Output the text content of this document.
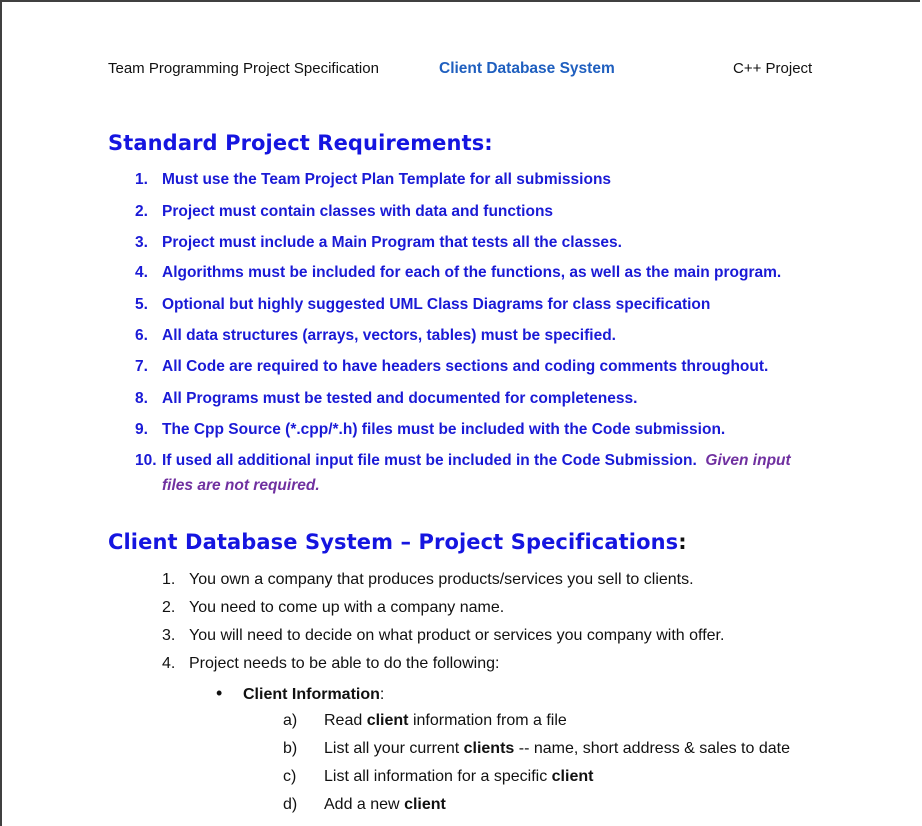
Team Programming Project Specification	Client Database System	C++ Project
Standard Project Requirements:
1. Must use the Team Project Plan Template for all submissions
2. Project must contain classes with data and functions
3. Project must include a Main Program that tests all the classes.
4. Algorithms must be included for each of the functions, as well as the main program.
5. Optional but highly suggested UML Class Diagrams for class specification
6. All data structures (arrays, vectors, tables) must be specified.
7. All Code are required to have headers sections and coding comments throughout.
8. All Programs must be tested and documented for completeness.
9. The Cpp Source (*.cpp/*.h) files must be included with the Code submission.
10. If used all additional input file must be included in the Code Submission. Given input
files are not required.
Client Database System – Project Specifications:
1. You own a company that produces products/services you sell to clients.
2. You need to come up with a company name.
3. You will need to decide on what product or services you company with offer.
4. Project needs to be able to do the following:
• Client Information:
a) Read client information from a file
b) List all your current clients -- name, short address & sales to date
c) List all information for a specific client
d) Add a new client
